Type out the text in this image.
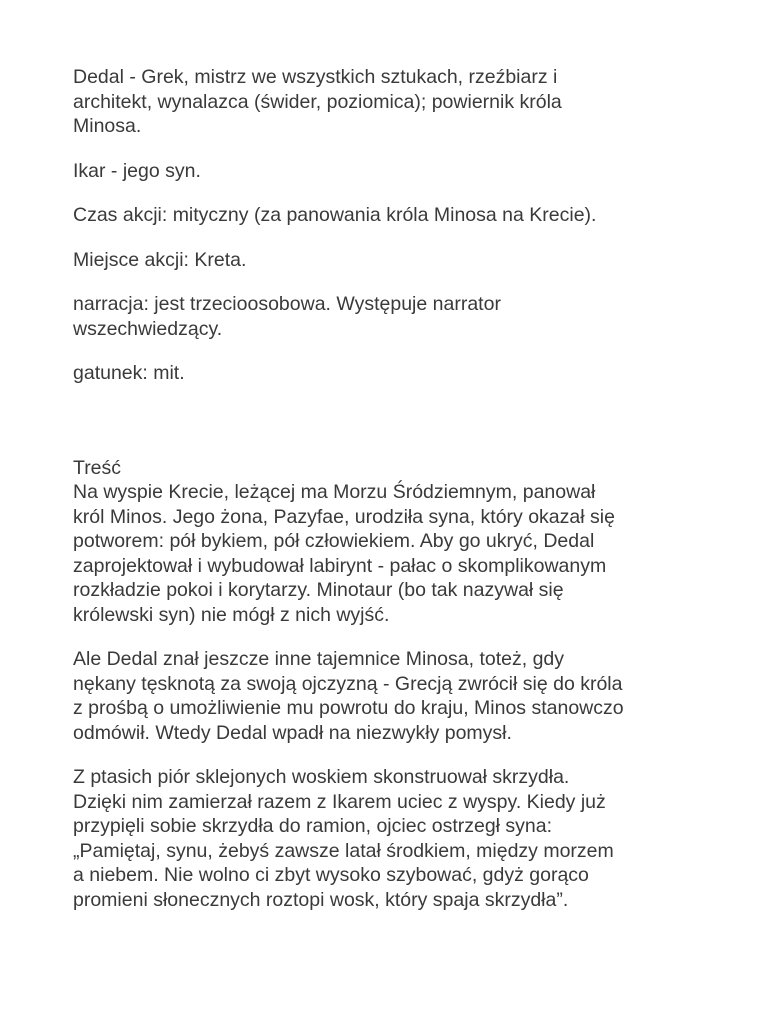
Dedal - Grek, mistrz we wszystkich sztukach, rzeźbiarz i
architekt, wynalazca (świder, poziomica); powiernik króla
Minosa.

Ikar - jego syn.

Czas akcji: mityczny (za panowania króla Minosa na Krecie).

Miejsce akcji: Kreta.

narracja: jest trzecioosobowa. Występuje narrator
wszechwiedzący.

gatunek: mit.

Treść

Na wyspie Krecie, leżącej ma Morzu Śródziemnym, panował
król Minos. Jego żona, Pazyfae, urodziła syna, który okazał się
potworem: pół bykiem, pół człowiekiem. Aby go ukryć, Dedal
zaprojektował i wybudował labirynt - pałac o skomplikowanym
rozkładzie pokoi i korytarzy. Minotaur (bo tak nazywał się
królewski syn) nie mógł z nich wyjść.

Ale Dedal znał jeszcze inne tajemnice Minosa, toteż, gdy
nękany tęsknotą za swoją ojczyzną - Grecją zwrócił się do króla
z prośbą o umożliwienie mu powrotu do kraju, Minos stanowczo
odmówił. Wtedy Dedal wpadł na niezwykły pomysł.

Z ptasich piór sklejonych woskiem skonstruował skrzydła.
Dzięki nim zamierzał razem z Ikarem uciec z wyspy. Kiedy już
przypięli sobie skrzydła do ramion, ojciec ostrzegł syna:
„Pamiętaj, synu, żebyś zawsze latał środkiem, między morzem
a niebem. Nie wolno ci zbyt wysoko szybować, gdyż gorąco
promieni słonecznych roztopi wosk, który spaja skrzydła”.
